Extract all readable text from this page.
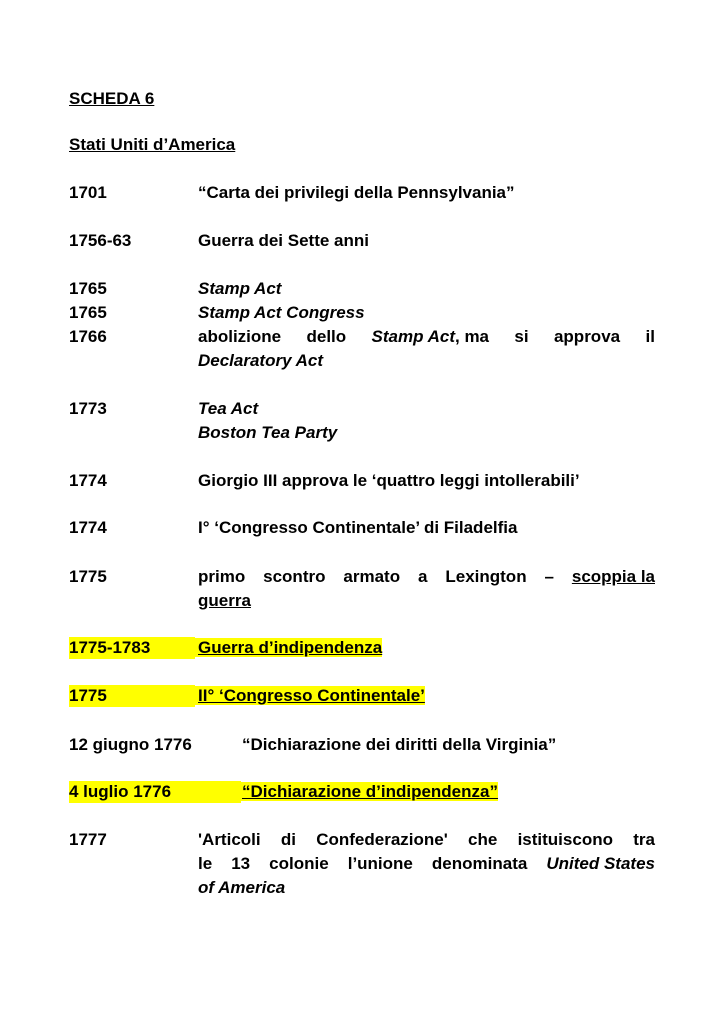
SCHEDA 6
Stati Uniti d’America
1701	“Carta dei privilegi della Pennsylvania”
1756-63	Guerra dei Sette anni
1765	Stamp Act
1765	Stamp Act Congress
1766	abolizione dello Stamp Act, ma si approva il
Declaratory Act
1773	Tea Act
Boston Tea Party
1774	Giorgio III approva le ‘quattro leggi intollerabili’
1774	I° ‘Congresso Continentale’ di Filadelfia
1775	primo scontro armato a Lexington – scoppia la
guerra
1775-1783	Guerra d’indipendenza
1775	II° ‘Congresso Continentale’
12 giugno 1776	“Dichiarazione dei diritti della Virginia”
4 luglio 1776	“Dichiarazione d’indipendenza”
1777	'Articoli di Confederazione' che istituiscono tra
le 13 colonie l’unione denominata United States
of America
